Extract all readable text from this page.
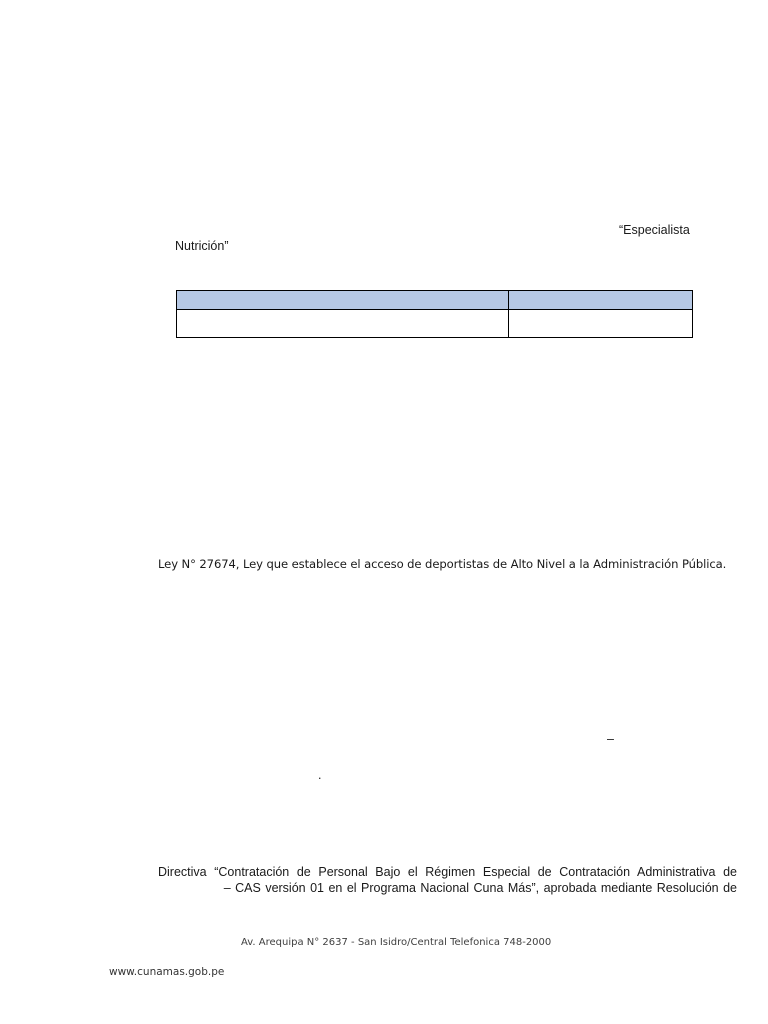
“Especialista
Nutrición”

Ley N° 27674, Ley que establece el acceso de deportistas de Alto Nivel a la Administración Pública.
–
.
Directiva “Contratación de Personal Bajo el Régimen Especial de Contratación Administrativa de
– CAS versión 01 en el Programa Nacional Cuna Más”, aprobada mediante Resolución de
Av. Arequipa N° 2637 - San Isidro/Central Telefonica 748-2000
www.cunamas.gob.pe
